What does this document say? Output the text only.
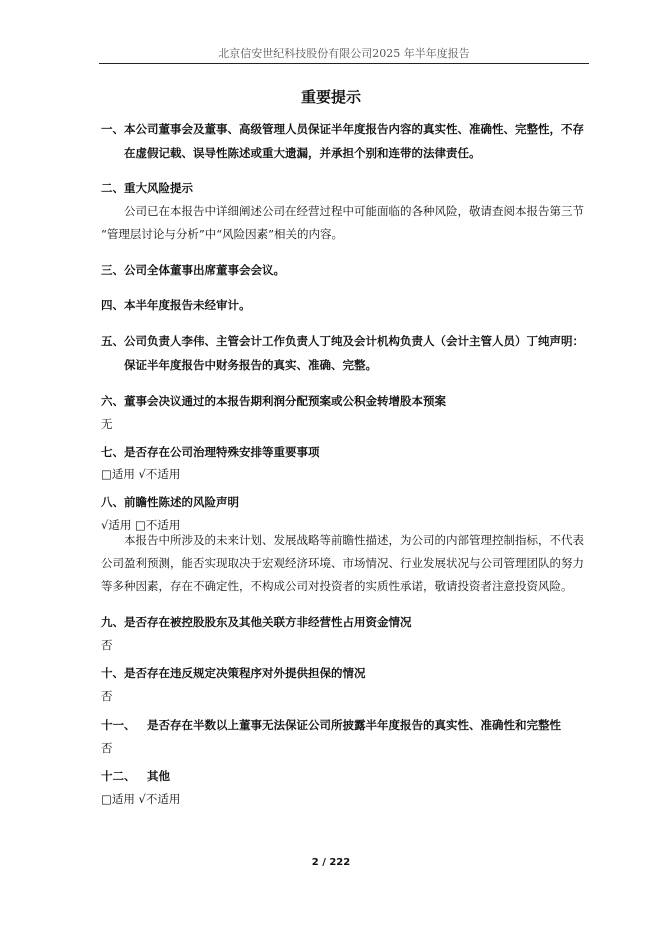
北京信安世纪科技股份有限公司2025 年半年度报告
重要提示
一、本公司董事会及董事、高级管理人员保证半年度报告内容的真实性、准确性、完整性，不存
在虚假记载、误导性陈述或重大遗漏，并承担个别和连带的法律责任。
二、重大风险提示
公司已在本报告中详细阐述公司在经营过程中可能面临的各种风险，敬请查阅本报告第三节
“管理层讨论与分析”中“风险因素”相关的内容。
三、公司全体董事出席董事会会议。
四、本半年度报告未经审计。
五、公司负责人李伟、主管会计工作负责人丁纯及会计机构负责人（会计主管人员）丁纯声明：
保证半年度报告中财务报告的真实、准确、完整。
六、董事会决议通过的本报告期利润分配预案或公积金转增股本预案
无
七、是否存在公司治理特殊安排等重要事项
□适用 √不适用
八、前瞻性陈述的风险声明
√适用 □不适用
本报告中所涉及的未来计划、发展战略等前瞻性描述，为公司的内部管理控制指标，不代表
公司盈利预测，能否实现取决于宏观经济环境、市场情况、行业发展状况与公司管理团队的努力
等多种因素，存在不确定性，不构成公司对投资者的实质性承诺，敬请投资者注意投资风险。
九、是否存在被控股股东及其他关联方非经营性占用资金情况
否
十、是否存在违反规定决策程序对外提供担保的情况
否
十一、 是否存在半数以上董事无法保证公司所披露半年度报告的真实性、准确性和完整性
否
十二、 其他
□适用 √不适用
2 / 222
